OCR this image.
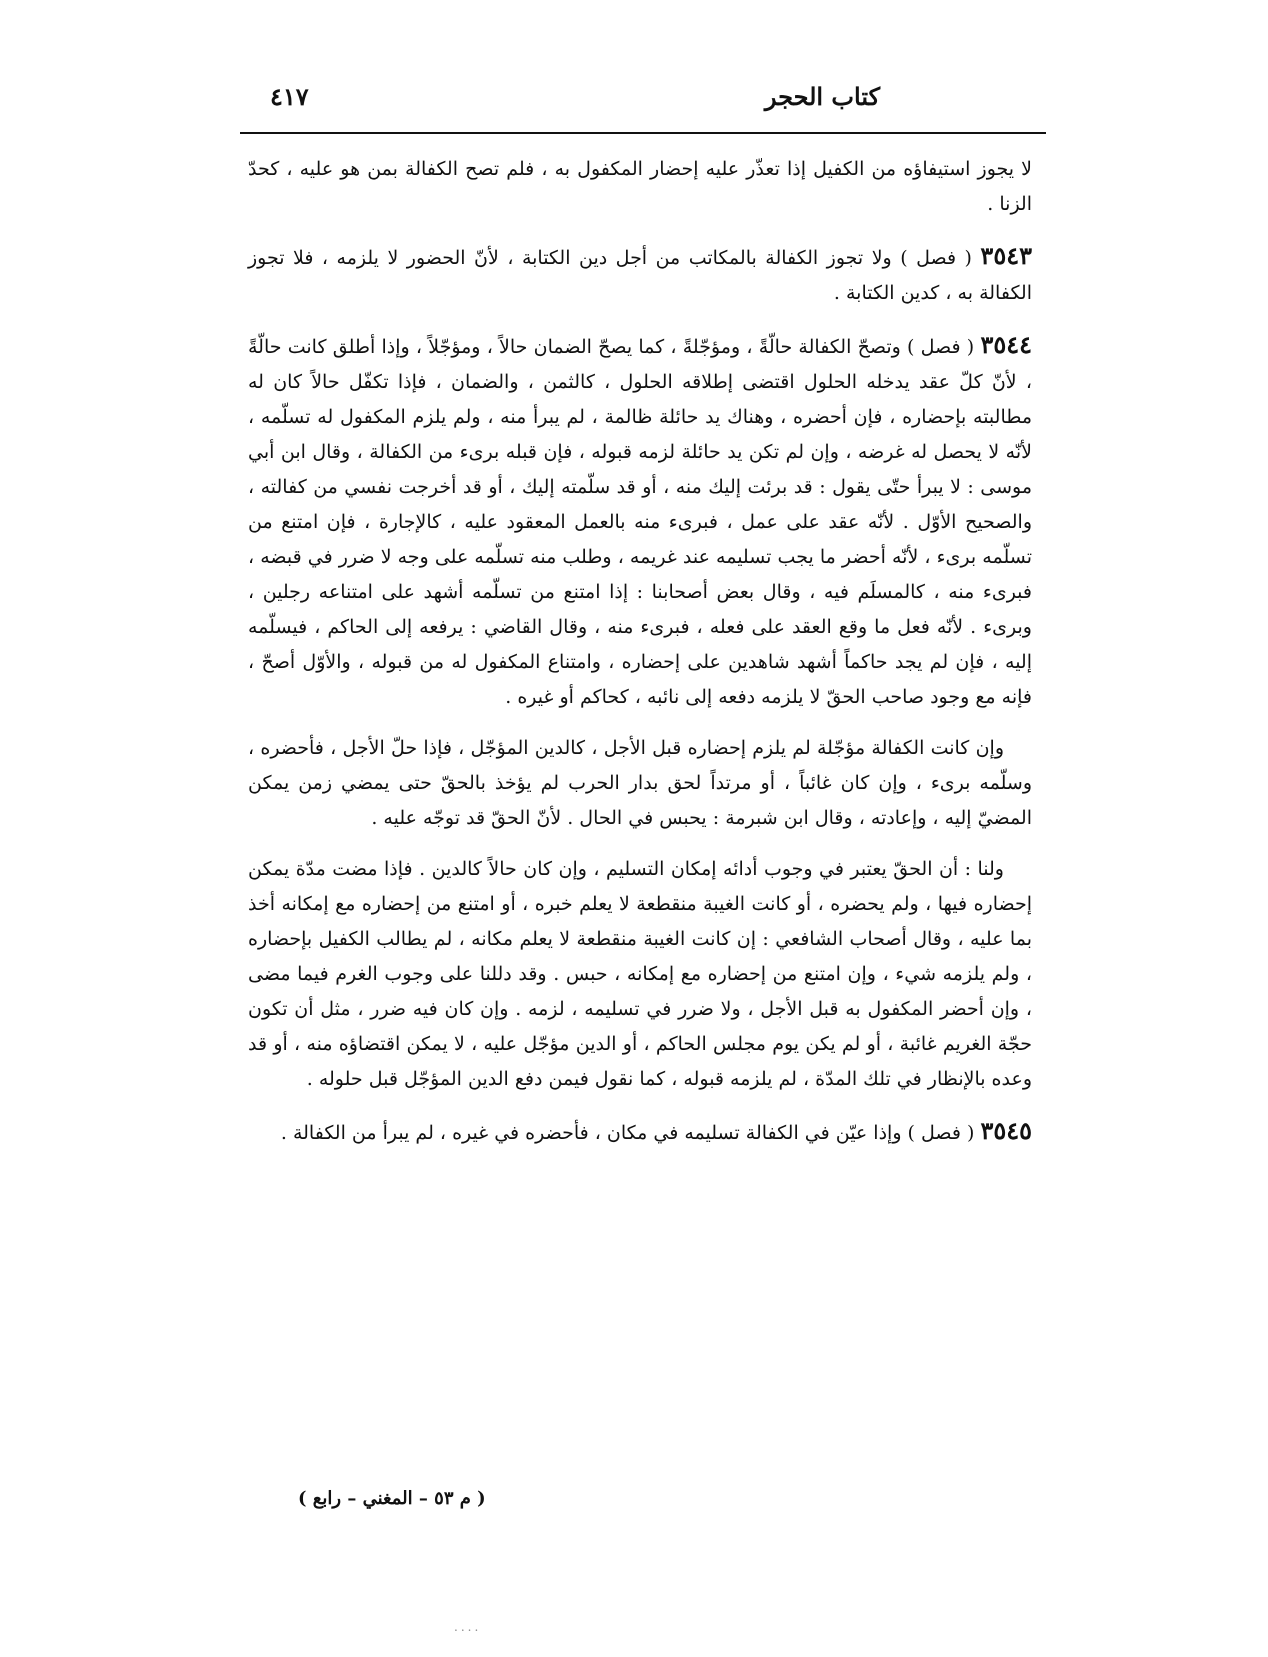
كتاب الحجر
٤١٧

لا يجوز استيفاؤه من الكفيل إذا تعذّر عليه إحضار المكفول به ، فلم تصح الكفالة بمن هو عليه ، كحدّ الزنا .

٣٥٤٣ ( فصل ) ولا تجوز الكفالة بالمكاتب من أجل دين الكتابة ، لأنّ الحضور لا يلزمه ، فلا تجوز الكفالة به ، كدين الكتابة .

٣٥٤٤ ( فصل ) وتصحّ الكفالة حالّةً ، ومؤجّلةً ، كما يصحّ الضمان حالاً ، ومؤجّلاً ، وإذا أطلق كانت حالّةً ، لأنّ كلّ عقد يدخله الحلول اقتضى إطلاقه الحلول ، كالثمن ، والضمان ، فإذا تكفّل حالاً كان له مطالبته بإحضاره ، فإن أحضره ، وهناك يد حائلة ظالمة ، لم يبرأ منه ، ولم يلزم المكفول له تسلّمه ، لأنّه لا يحصل له غرضه ، وإن لم تكن يد حائلة لزمه قبوله ، فإن قبله برىء من الكفالة ، وقال ابن أبي موسى : لا يبرأ حتّى يقول : قد برئت إليك منه ، أو قد سلّمته إليك ، أو قد أخرجت نفسي من كفالته ، والصحيح الأوّل . لأنّه عقد على عمل ، فبرىء منه بالعمل المعقود عليه ، كالإجارة ، فإن امتنع من تسلّمه برىء ، لأنّه أحضر ما يجب تسليمه عند غريمه ، وطلب منه تسلّمه على وجه لا ضرر في قبضه ، فبرىء منه ، كالمسلَم فيه ، وقال بعض أصحابنا : إذا امتنع من تسلّمه أشهد على امتناعه رجلين ، وبرىء . لأنّه فعل ما وقع العقد على فعله ، فبرىء منه ، وقال القاضي : يرفعه إلى الحاكم ، فيسلّمه إليه ، فإن لم يجد حاكماً أشهد شاهدين على إحضاره ، وامتناع المكفول له من قبوله ، والأوّل أصحّ ، فإنه مع وجود صاحب الحقّ لا يلزمه دفعه إلى نائبه ، كحاكم أو غيره .

وإن كانت الكفالة مؤجّلة لم يلزم إحضاره قبل الأجل ، كالدين المؤجّل ، فإذا حلّ الأجل ، فأحضره ، وسلّمه برىء ، وإن كان غائباً ، أو مرتداً لحق بدار الحرب لم يؤخذ بالحقّ حتى يمضي زمن يمكن المضيّ إليه ، وإعادته ، وقال ابن شبرمة : يحبس في الحال . لأنّ الحقّ قد توجّه عليه .

ولنا : أن الحقّ يعتبر في وجوب أدائه إمكان التسليم ، وإن كان حالاً كالدين . فإذا مضت مدّة يمكن إحضاره فيها ، ولم يحضره ، أو كانت الغيبة منقطعة لا يعلم خبره ، أو امتنع من إحضاره مع إمكانه أخذ بما عليه ، وقال أصحاب الشافعي : إن كانت الغيبة منقطعة لا يعلم مكانه ، لم يطالب الكفيل بإحضاره ، ولم يلزمه شيء ، وإن امتنع من إحضاره مع إمكانه ، حبس . وقد دللنا على وجوب الغرم فيما مضى ، وإن أحضر المكفول به قبل الأجل ، ولا ضرر في تسليمه ، لزمه . وإن كان فيه ضرر ، مثل أن تكون حجّة الغريم غائبة ، أو لم يكن يوم مجلس الحاكم ، أو الدين مؤجّل عليه ، لا يمكن اقتضاؤه منه ، أو قد وعده بالإنظار في تلك المدّة ، لم يلزمه قبوله ، كما نقول فيمن دفع الدين المؤجّل قبل حلوله .

٣٥٤٥ ( فصل ) وإذا عيّن في الكفالة تسليمه في مكان ، فأحضره في غيره ، لم يبرأ من الكفالة .

( م ٥٣ – المغني – رابع )
....
